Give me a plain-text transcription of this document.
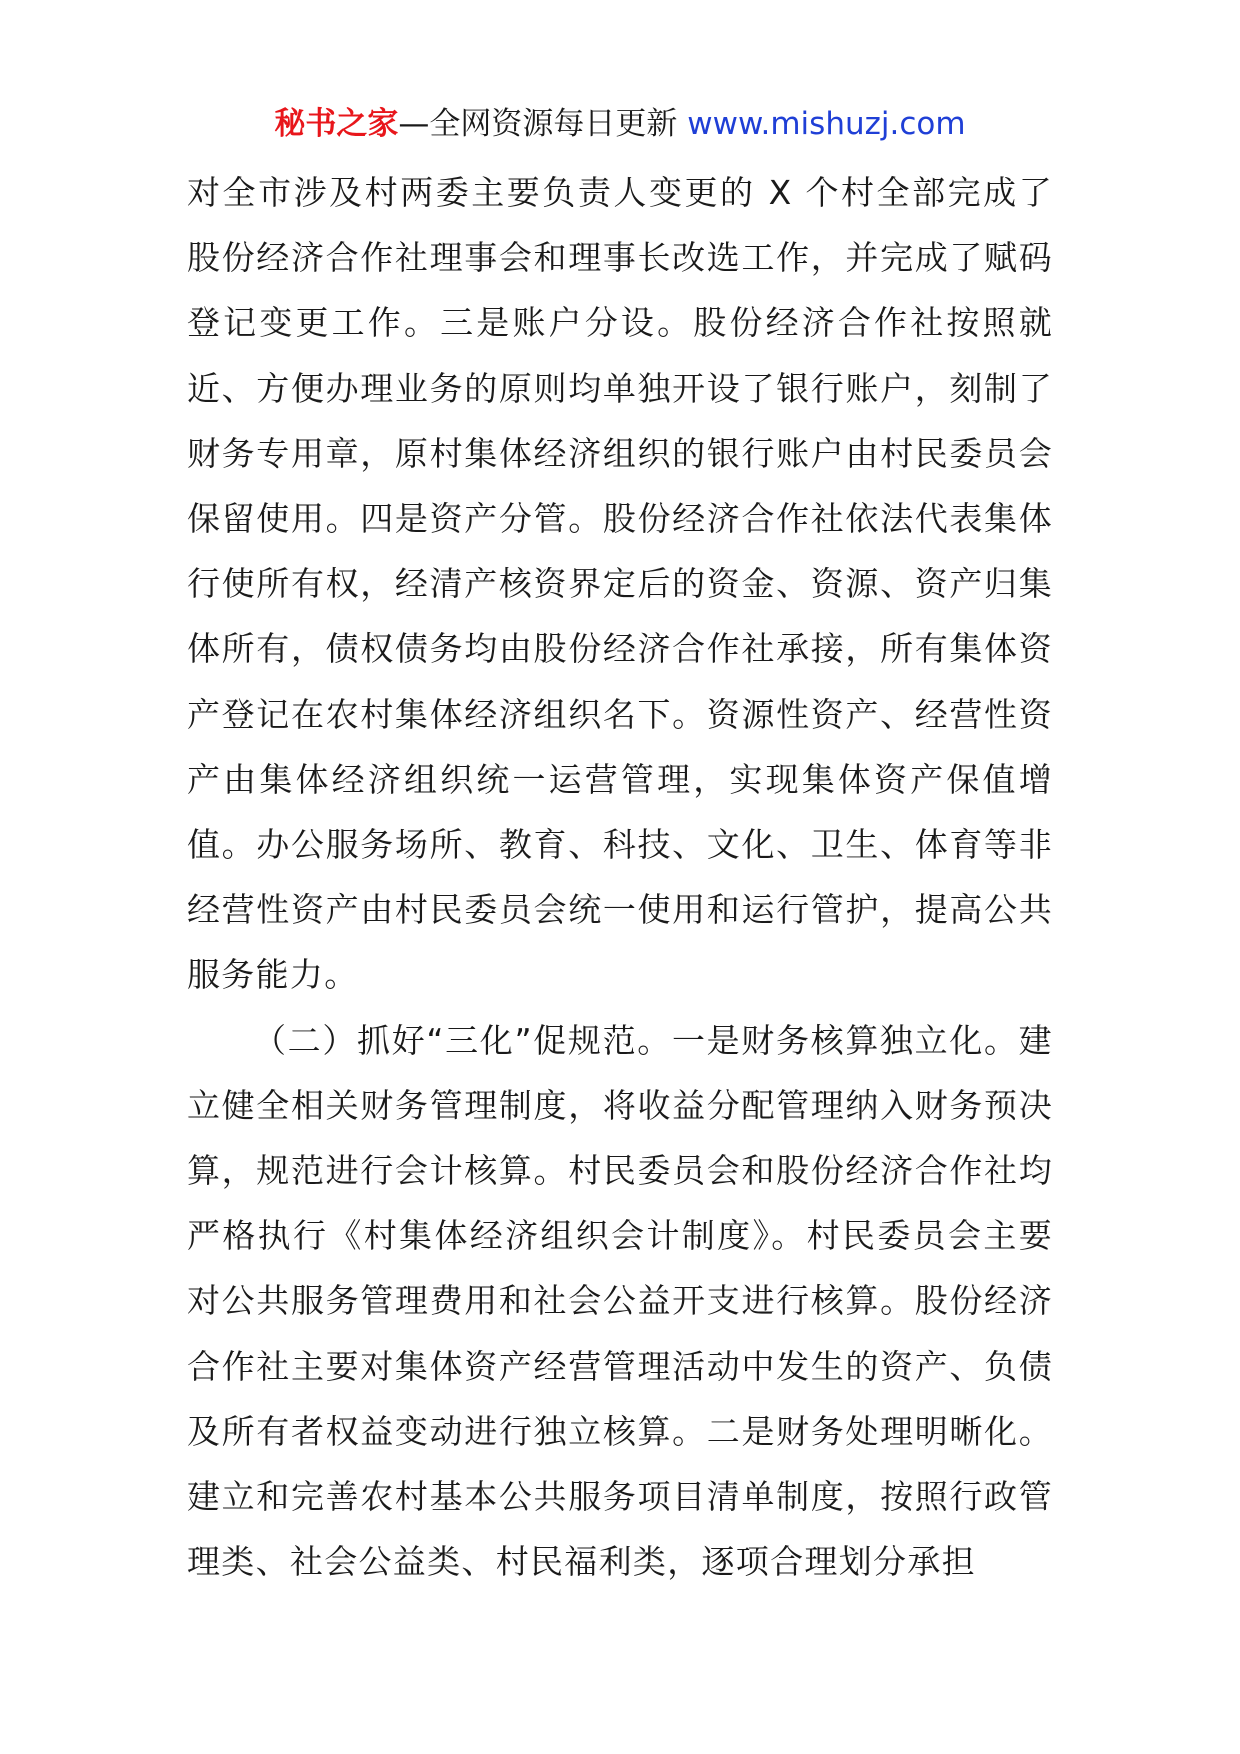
秘书之家—全网资源每日更新 www.mishuzj.com

对全市涉及村两委主要负责人变更的 X 个村全部完成了股份经济合作社理事会和理事长改选工作，并完成了赋码登记变更工作。三是账户分设。股份经济合作社按照就近、方便办理业务的原则均单独开设了银行账户，刻制了财务专用章，原村集体经济组织的银行账户由村民委员会保留使用。四是资产分管。股份经济合作社依法代表集体行使所有权，经清产核资界定后的资金、资源、资产归集体所有，债权债务均由股份经济合作社承接，所有集体资产登记在农村集体经济组织名下。资源性资产、经营性资产由集体经济组织统一运营管理，实现集体资产保值增值。办公服务场所、教育、科技、文化、卫生、体育等非经营性资产由村民委员会统一使用和运行管护，提高公共服务能力。

（二）抓好“三化”促规范。一是财务核算独立化。建立健全相关财务管理制度，将收益分配管理纳入财务预决算，规范进行会计核算。村民委员会和股份经济合作社均严格执行《村集体经济组织会计制度》。村民委员会主要对公共服务管理费用和社会公益开支进行核算。股份经济合作社主要对集体资产经营管理活动中发生的资产、负债及所有者权益变动进行独立核算。二是财务处理明晰化。建立和完善农村基本公共服务项目清单制度，按照行政管理类、社会公益类、村民福利类，逐项合理划分承担
